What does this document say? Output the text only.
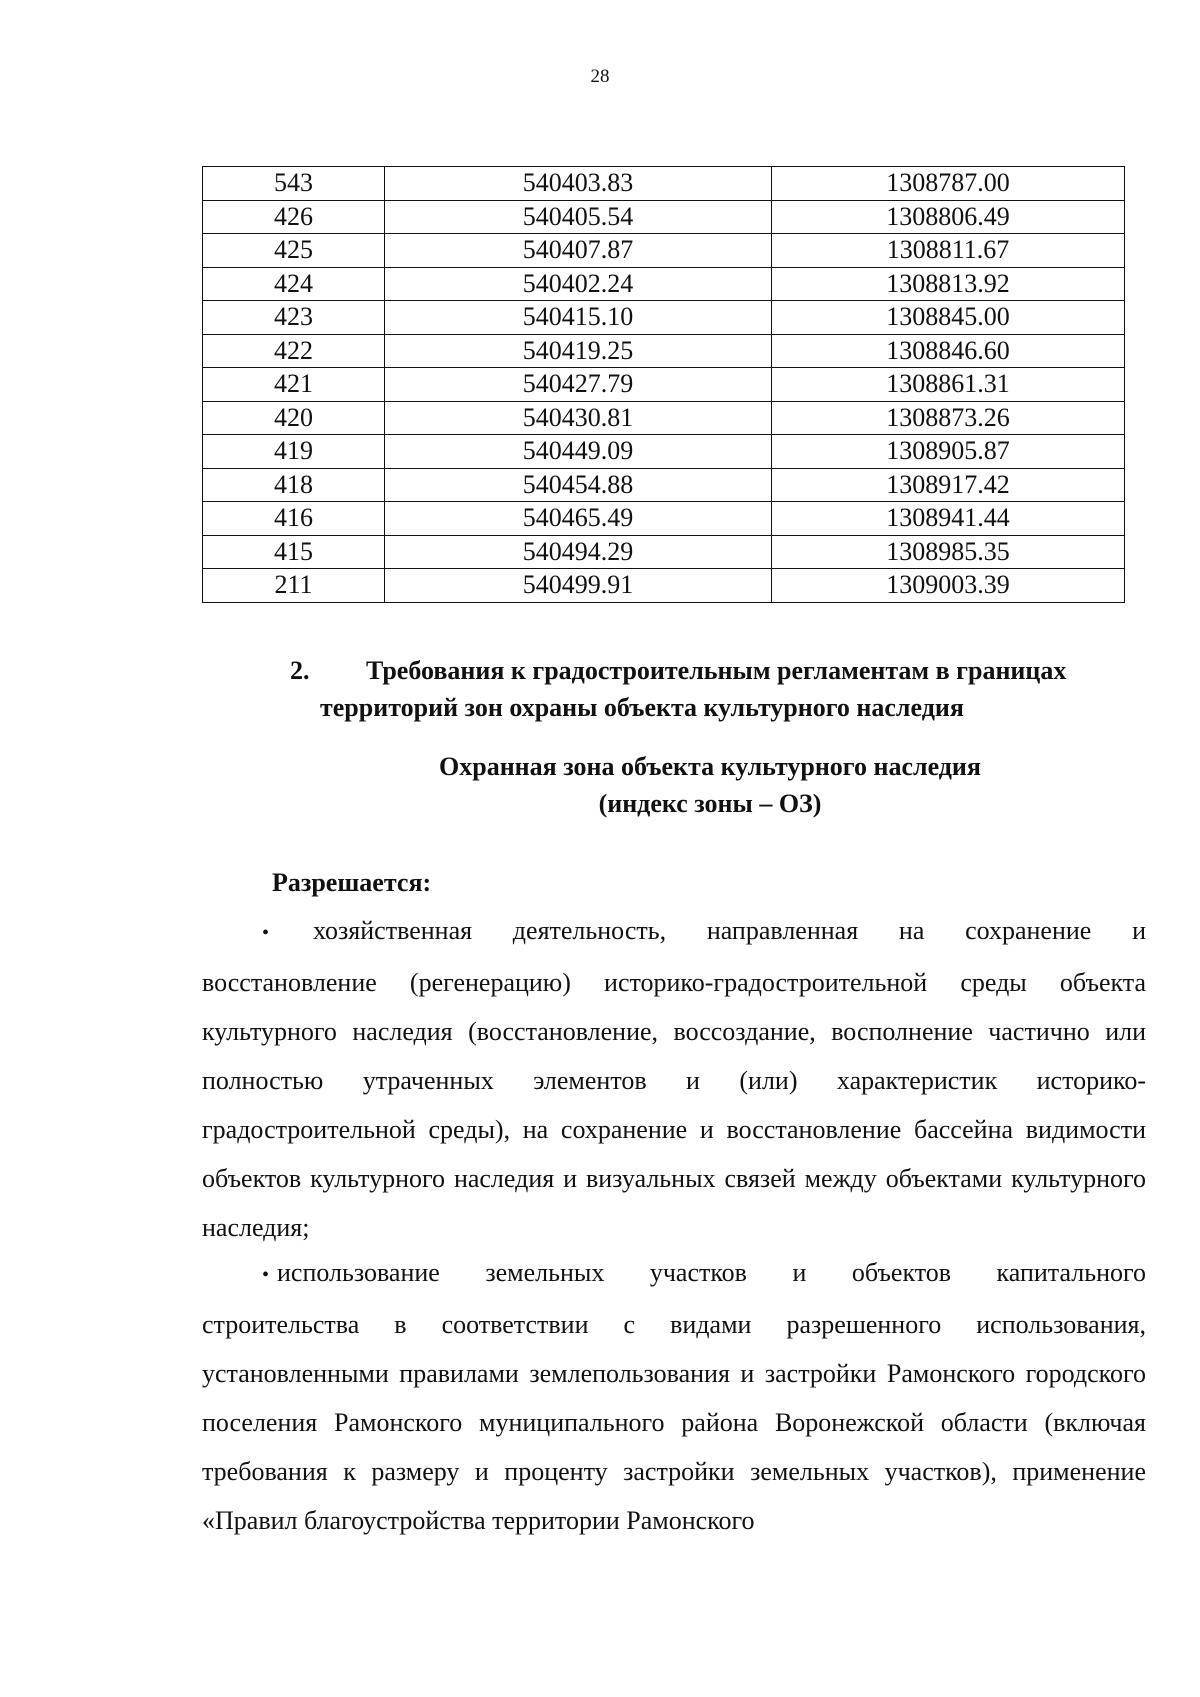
28
543	540403.83	1308787.00
426	540405.54	1308806.49
425	540407.87	1308811.67
424	540402.24	1308813.92
423	540415.10	1308845.00
422	540419.25	1308846.60
421	540427.79	1308861.31
420	540430.81	1308873.26
419	540449.09	1308905.87
418	540454.88	1308917.42
416	540465.49	1308941.44
415	540494.29	1308985.35
211	540499.91	1309003.39
2. Требования к градостроительным регламентам в границах
территорий зон охраны объекта культурного наследия
Охранная зона объекта культурного наследия
(индекс зоны – ОЗ)
Разрешается:
• хозяйственная деятельность, направленная на сохранение и
восстановление (регенерацию) историко-градостроительной среды объекта культурного наследия (восстановление, воссоздание, восполнение частично или полностью утраченных элементов и (или) характеристик историко-градостроительной среды), на сохранение и восстановление бассейна видимости объектов культурного наследия и визуальных связей между объектами культурного наследия;
• использование земельных участков и объектов капитального
строительства в соответствии с видами разрешенного использования, установленными правилами землепользования и застройки Рамонского городского поселения Рамонского муниципального района Воронежской области (включая требования к размеру и проценту застройки земельных участков), применение «Правил благоустройства территории Рамонского
